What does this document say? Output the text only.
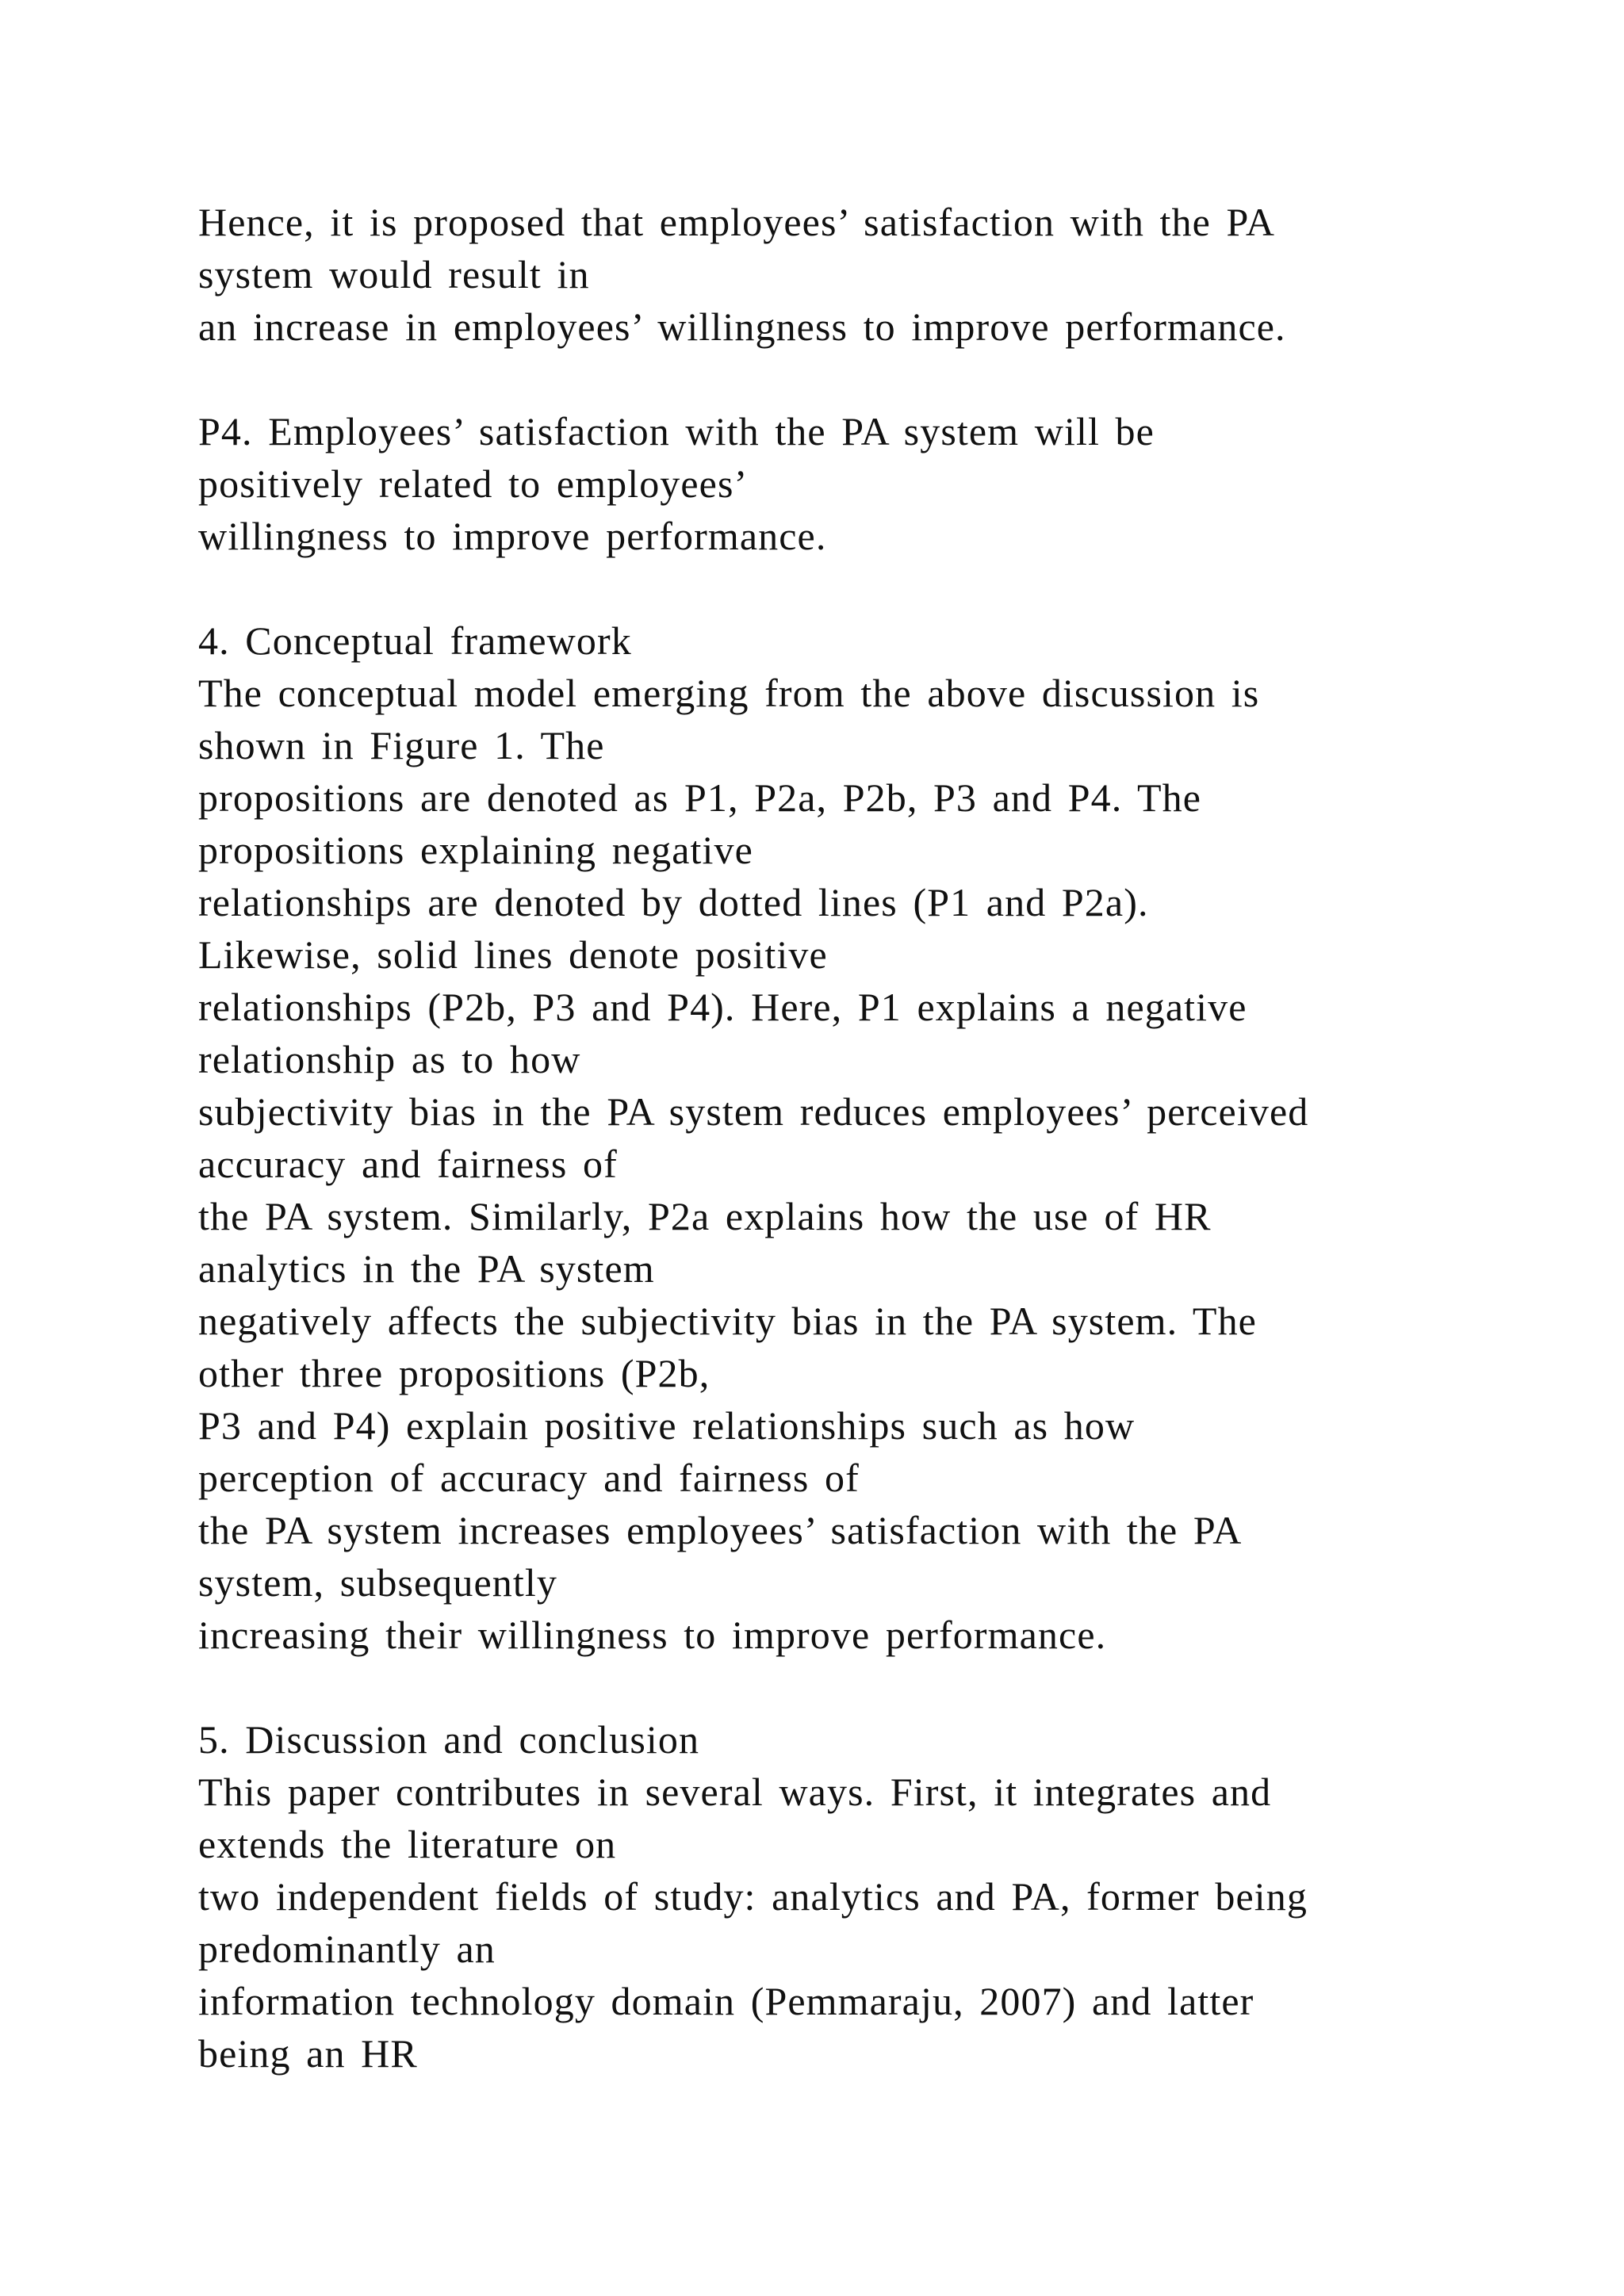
Hence, it is proposed that employees’ satisfaction with the PA
system would result in
an increase in employees’ willingness to improve performance.
P4. Employees’ satisfaction with the PA system will be
positively related to employees’
willingness to improve performance.
4. Conceptual framework
The conceptual model emerging from the above discussion is
shown in Figure 1. The
propositions are denoted as P1, P2a, P2b, P3 and P4. The
propositions explaining negative
relationships are denoted by dotted lines (P1 and P2a).
Likewise, solid lines denote positive
relationships (P2b, P3 and P4). Here, P1 explains a negative
relationship as to how
subjectivity bias in the PA system reduces employees’ perceived
accuracy and fairness of
the PA system. Similarly, P2a explains how the use of HR
analytics in the PA system
negatively affects the subjectivity bias in the PA system. The
other three propositions (P2b,
P3 and P4) explain positive relationships such as how
perception of accuracy and fairness of
the PA system increases employees’ satisfaction with the PA
system, subsequently
increasing their willingness to improve performance.
5. Discussion and conclusion
This paper contributes in several ways. First, it integrates and
extends the literature on
two independent fields of study: analytics and PA, former being
predominantly an
information technology domain (Pemmaraju, 2007) and latter
being an HR
